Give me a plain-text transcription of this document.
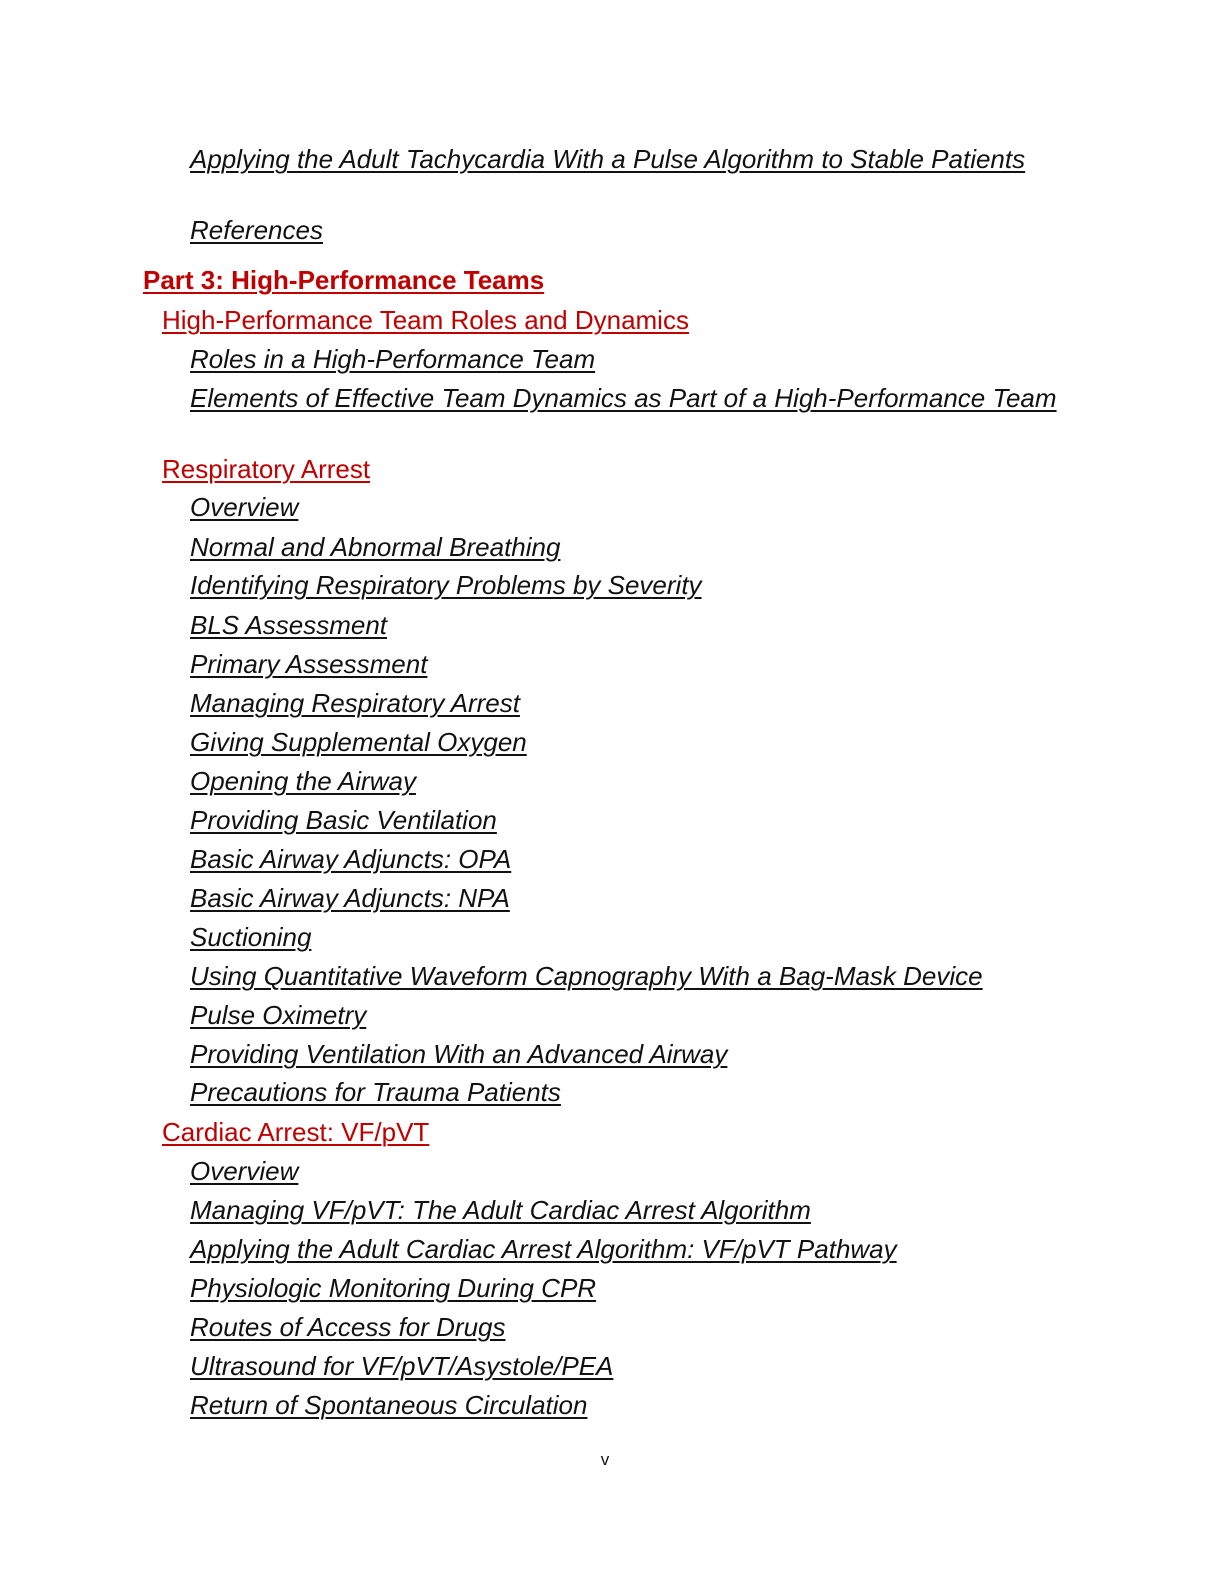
Applying the Adult Tachycardia With a Pulse Algorithm to Stable Patients
References
Part 3: High-Performance Teams
High-Performance Team Roles and Dynamics
Roles in a High-Performance Team
Elements of Effective Team Dynamics as Part of a High-Performance Team
Respiratory Arrest
Overview
Normal and Abnormal Breathing
Identifying Respiratory Problems by Severity
BLS Assessment
Primary Assessment
Managing Respiratory Arrest
Giving Supplemental Oxygen
Opening the Airway
Providing Basic Ventilation
Basic Airway Adjuncts: OPA
Basic Airway Adjuncts: NPA
Suctioning
Using Quantitative Waveform Capnography With a Bag-Mask Device
Pulse Oximetry
Providing Ventilation With an Advanced Airway
Precautions for Trauma Patients
Cardiac Arrest: VF/pVT
Overview
Managing VF/pVT: The Adult Cardiac Arrest Algorithm
Applying the Adult Cardiac Arrest Algorithm: VF/pVT Pathway
Physiologic Monitoring During CPR
Routes of Access for Drugs
Ultrasound for VF/pVT/Asystole/PEA
Return of Spontaneous Circulation
v
